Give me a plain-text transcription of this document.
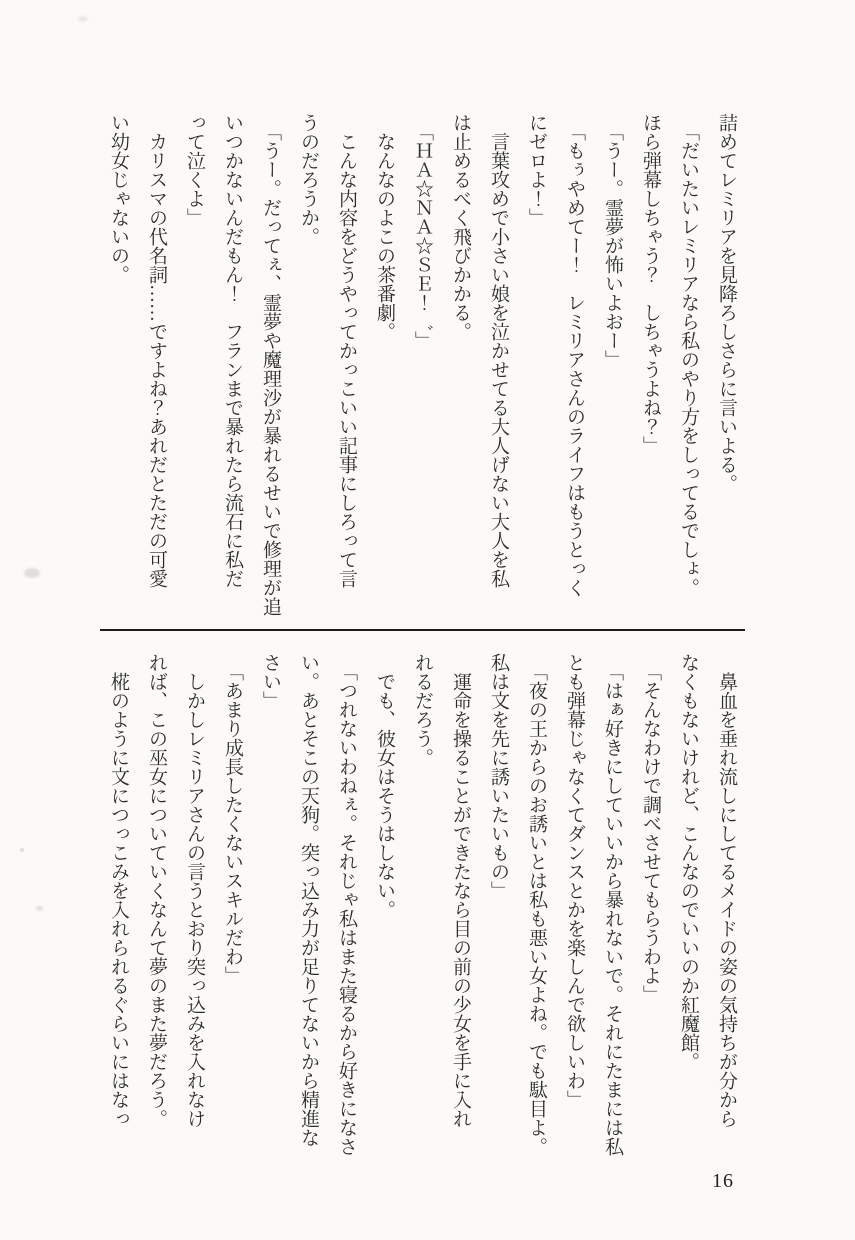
詰めてレミリアを見降ろしさらに言いよる。

「だいたいレミリアなら私のやり方をしってるでしょ。

ほら弾幕しちゃう？　しちゃうよね？」

「うー。霊夢が怖いよおー」

「もぅやめてー！　レミリアさんのライフはもうとっく

にゼロよ！」

言葉攻めで小さい娘を泣かせてる大人げない大人を私

は止めるべく飛びかかる。

「ＨＡ☆ＮＡ☆ＳＥ！゛」

なんなのよこの茶番劇。

こんな内容をどうやってかっこいい記事にしろって言

うのだろうか。

「うー。だってぇ、霊夢や魔理沙が暴れるせいで修理が追

いつかないんだもん！　フランまで暴れたら流石に私だ

って泣くよ」

カリスマの代名詞……ですよね？あれだとただの可愛

い幼女じゃないの。

鼻血を垂れ流しにしてるメイドの姿の気持ちが分から

なくもないけれど、こんなのでいいのか紅魔館。

「そんなわけで調べさせてもらうわよ」

「はぁ好きにしていいから暴れないで。それにたまには私

とも弾幕じゃなくてダンスとかを楽しんで欲しいわ」

「夜の王からのお誘いとは私も悪い女よね。でも駄目よ。

私は文を先に誘いたいもの」

運命を操ることができたなら目の前の少女を手に入れ

れるだろう。

でも、彼女はそうはしない。

「つれないわねぇ。それじゃ私はまた寝るから好きになさ

い。あとそこの天狗。突っ込み力が足りてないから精進な

さい」

「あまり成長したくないスキルだわ」

しかしレミリアさんの言うとおり突っ込みを入れなけ

れば、この巫女についていくなんて夢のまた夢だろう。

椛のように文につっこみを入れられるぐらいにはなっ

16
